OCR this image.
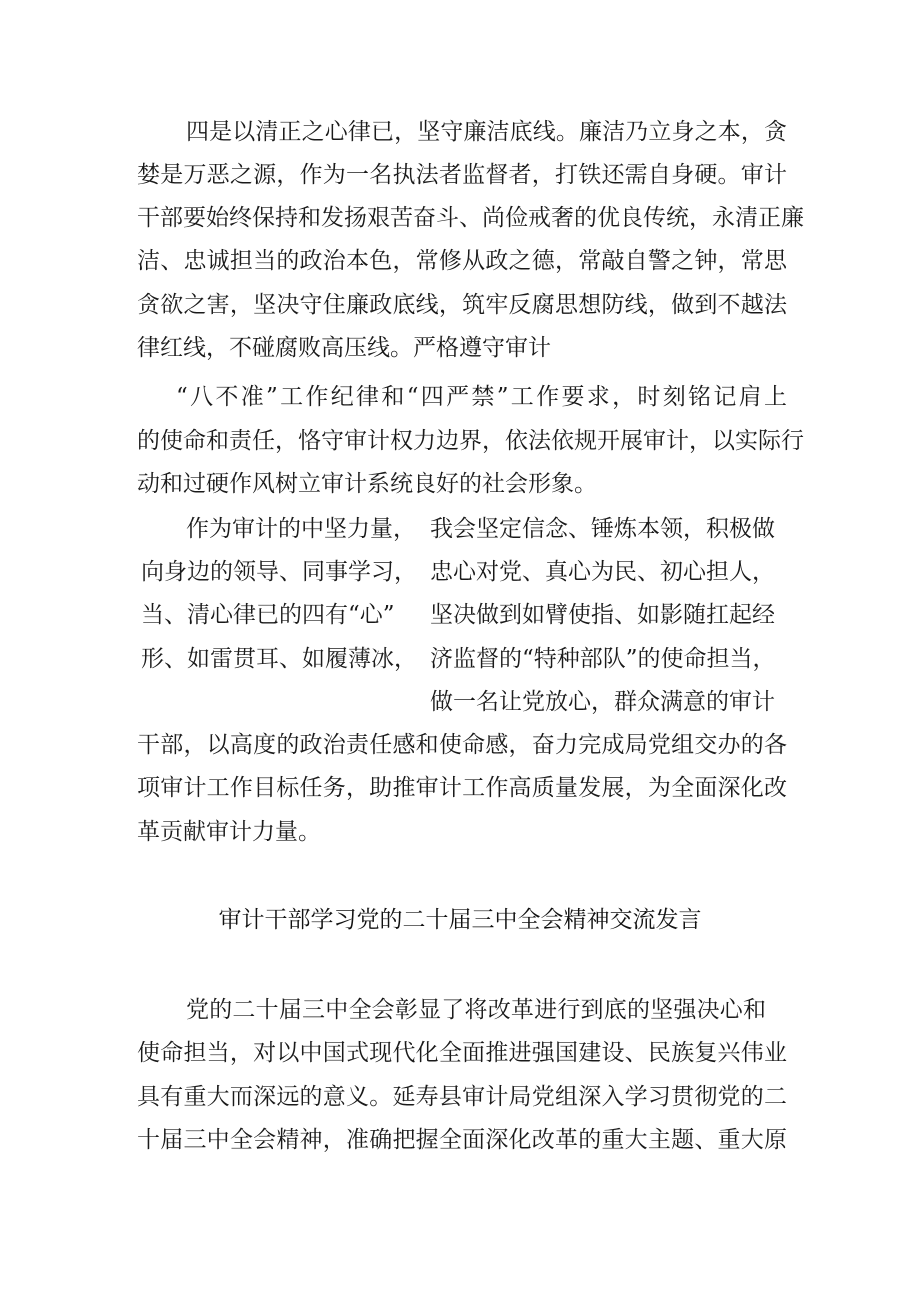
四是以清正之心律已，坚守廉洁底线。廉洁乃立身之本，贪
婪是万恶之源，作为一名执法者监督者，打铁还需自身硬。审计
干部要始终保持和发扬艰苦奋斗、尚俭戒奢的优良传统，永清正廉
洁、忠诚担当的政治本色，常修从政之德，常敲自警之钟，常思
贪欲之害，坚决守住廉政底线，筑牢反腐思想防线，做到不越法
律红线，不碰腐败高压线。严格遵守审计
“八不准”工作纪律和“四严禁”工作要求，时刻铭记肩上
的使命和责任，恪守审计权力边界，依法依规开展审计，以实际行
动和过硬作风树立审计系统良好的社会形象。
作为审计的中坚力量，
向身边的领导、同事学习，
当、清心律已的四有“心”
形、如雷贯耳、如履薄冰，
我会坚定信念、锤炼本领，积极做
忠心对党、真心为民、初心担人，
坚决做到如臂使指、如影随扛起经
济监督的“特种部队”的使命担当，
做一名让党放心，群众满意的审计
干部，以高度的政治责任感和使命感，奋力完成局党组交办的各
项审计工作目标任务，助推审计工作高质量发展，为全面深化改
革贡献审计力量。
审计干部学习党的二十届三中全会精神交流发言
党的二十届三中全会彰显了将改革进行到底的坚强决心和
使命担当，对以中国式现代化全面推进强国建设、民族复兴伟业
具有重大而深远的意义。延寿县审计局党组深入学习贯彻党的二
十届三中全会精神，准确把握全面深化改革的重大主题、重大原
